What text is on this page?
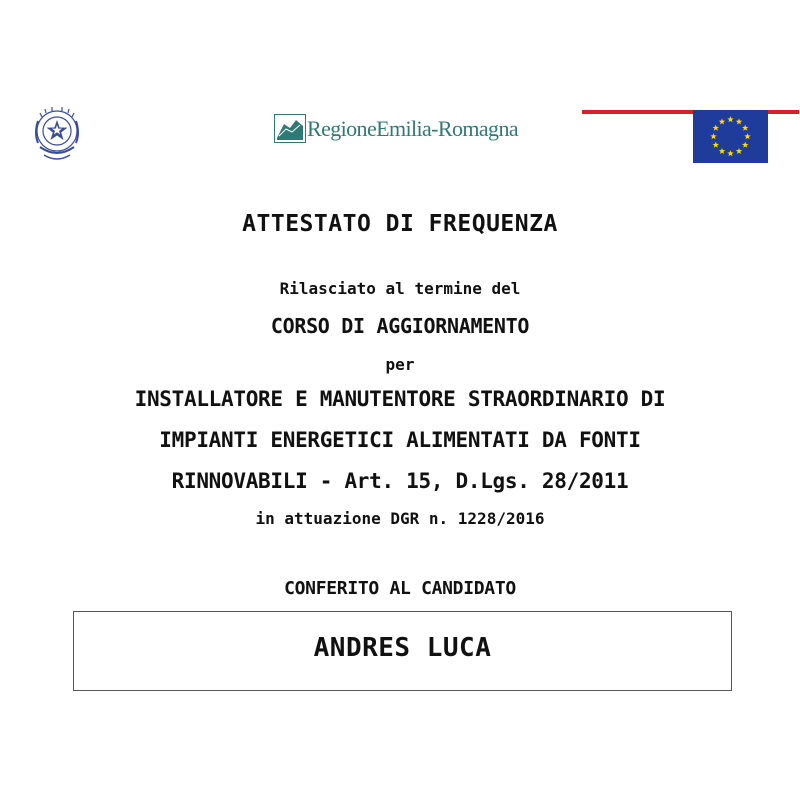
RegioneEmilia-Romagna

ATTESTATO DI FREQUENZA

Rilasciato al termine del

CORSO DI AGGIORNAMENTO

per

INSTALLATORE E MANUTENTORE STRAORDINARIO DI

IMPIANTI ENERGETICI ALIMENTATI DA FONTI

RINNOVABILI - Art. 15, D.Lgs. 28/2011

in attuazione DGR n. 1228/2016

CONFERITO AL CANDIDATO

ANDRES LUCA
